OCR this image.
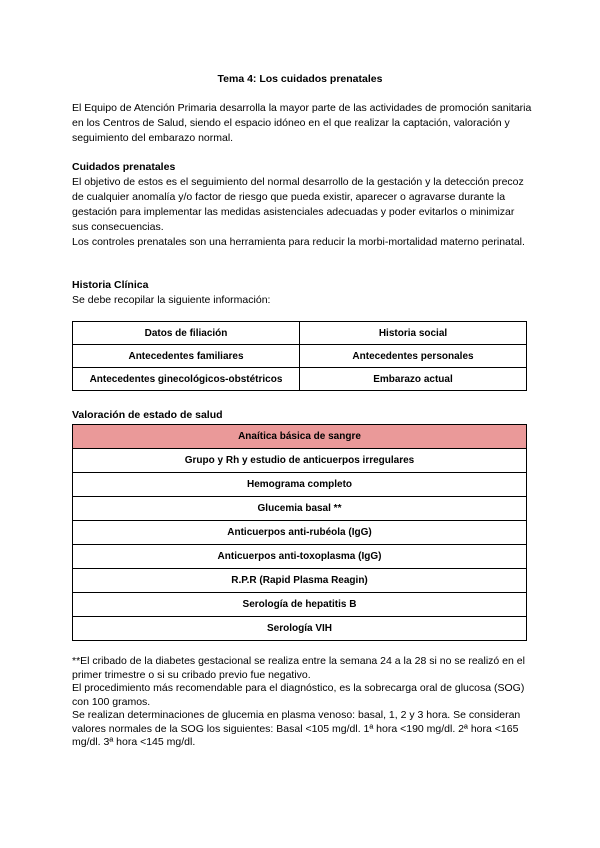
Tema 4: Los cuidados prenatales

El Equipo de Atención Primaria desarrolla la mayor parte de las actividades de promoción sanitaria en los Centros de Salud, siendo el espacio idóneo en el que realizar la captación, valoración y seguimiento del embarazo normal.

Cuidados prenatales

El objetivo de estos es el seguimiento del normal desarrollo de la gestación y la detección precoz de cualquier anomalía y/o factor de riesgo que pueda existir, aparecer o agravarse durante la gestación para implementar las medidas asistenciales adecuadas y poder evitarlos o minimizar sus consecuencias.

Los controles prenatales son una herramienta para reducir la morbi-mortalidad materno perinatal.

Historia Clínica

Se debe recopilar la siguiente información:

Datos de filiación	Historia social
Antecedentes familiares	Antecedentes personales
Antecedentes ginecológicos-obstétricos	Embarazo actual
Valoración de estado de salud
Anaítica básica de sangre
Grupo y Rh y estudio de anticuerpos irregulares
Hemograma completo
Glucemia basal **
Anticuerpos anti-rubéola (IgG)
Anticuerpos anti-toxoplasma (IgG)
R.P.R (Rapid Plasma Reagin)
Serología de hepatitis B
Serología VIH

**El cribado de la diabetes gestacional se realiza entre la semana 24 a la 28 si no se realizó en el primer trimestre o si su cribado previo fue negativo.

El procedimiento más recomendable para el diagnóstico, es la sobrecarga oral de glucosa (SOG) con 100 gramos.

Se realizan determinaciones de glucemia en plasma venoso: basal, 1, 2 y 3 hora. Se consideran valores normales de la SOG los siguientes: Basal <105 mg/dl. 1ª hora <190 mg/dl. 2ª hora <165 mg/dl. 3ª hora <145 mg/dl.
